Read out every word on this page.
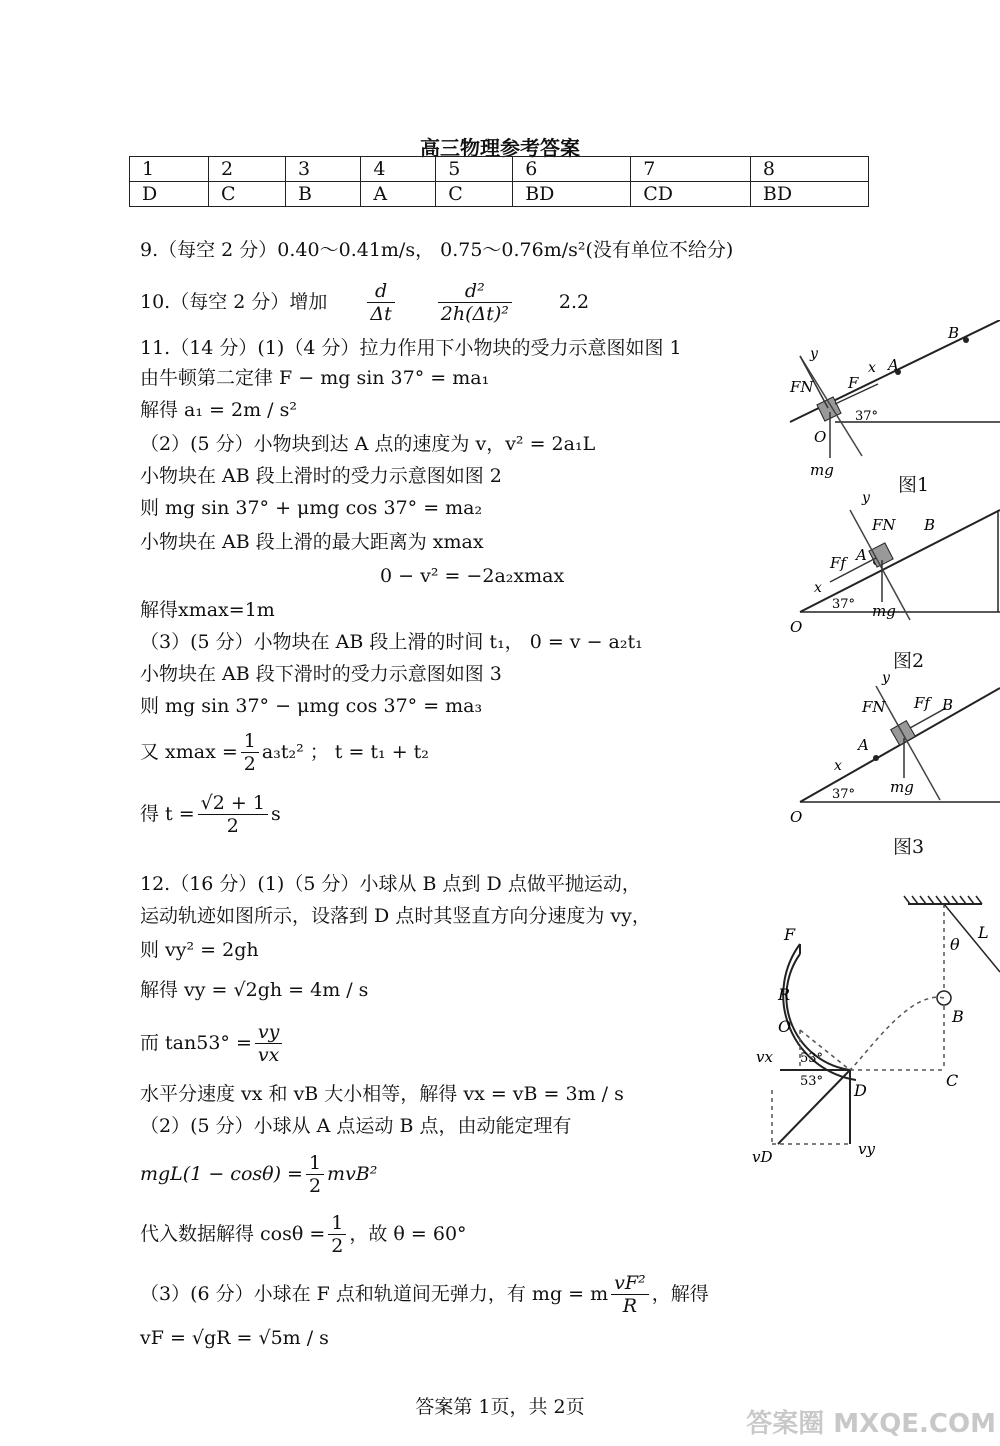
高三物理参考答案
1	2	3	4	5	6	7	8
D	C	B	A	C	BD	CD	BD
9.（每空 2 分）0.40～0.41m/s， 0.75～0.76m/s²(没有单位不给分)
10.（每空 2 分）增加 $\frac{d}{\Delta t} \frac{\text{d²}}{\text{2h(Δt)²}} 2.2$
11.（14 分）(1)（4 分）拉力作用下小物块的受力示意图如图 1
由牛顿第二定律 F − mg sin 37° = ma₁
解得 a₁ = 2m / s²
（2）(5 分）小物块到达 A 点的速度为 v，v² = 2a₁L
小物块在 AB 段上滑时的受力示意图如图 2
则 mg sin 37° + μmg cos 37° = ma₂
小物块在 AB 段上滑的最大距离为 xmax
0 − v² = −2a₂xmax
解得xmax=1m
（3）(5 分）小物块在 AB 段上滑的时间 t₁， 0 = v − a₂t₁
小物块在 AB 段下滑时的受力示意图如图 3
则 mg sin 37° − μmg cos 37° = ma₃
又 $xmax = \frac{1}{2} a_3t_2^2$ ； t = t₁ + t₂
得 $t = \frac{√2 + 1}{2}$ s
12.（16 分）(1)（5 分）小球从 B 点到 D 点做平抛运动，
运动轨迹如图所示，设落到 D 点时其竖直方向分速度为 vy，
则 vy² = 2gh
解得 vy = √2gh = 4m / s
而 $\tan 53^\circ = \frac{vy}{vx}$
水平分速度 vx 和 vB 大小相等，解得 vx = vB = 3m / s
（2）(5 分）小球从 A 点运动 B 点，由动能定理有
$mgL(1 - \cos\theta) = \frac{1}{2} mvB^2$
代入数据解得 $\cos\theta = \frac{1}{2}$ ，故 θ = 60°
（3）(6 分）小球在 F 点和轨道间无弹力，有 mg = m $\frac{\text{vF²}}{R}$ ，解得
vF = √gR = √5m / s
37°
y
x
FN F
A
B
O
mg
图1
37°
y
x
FN
Ff A
B
O
mg
图2
37°
y
x
FN Ff
A
B
O
mg
图3
F
R
O
53°
53°
vx
D
C
B
L
θ
vD	vy
答案第 1页，共 2页
答案圈 MXQE.COM
